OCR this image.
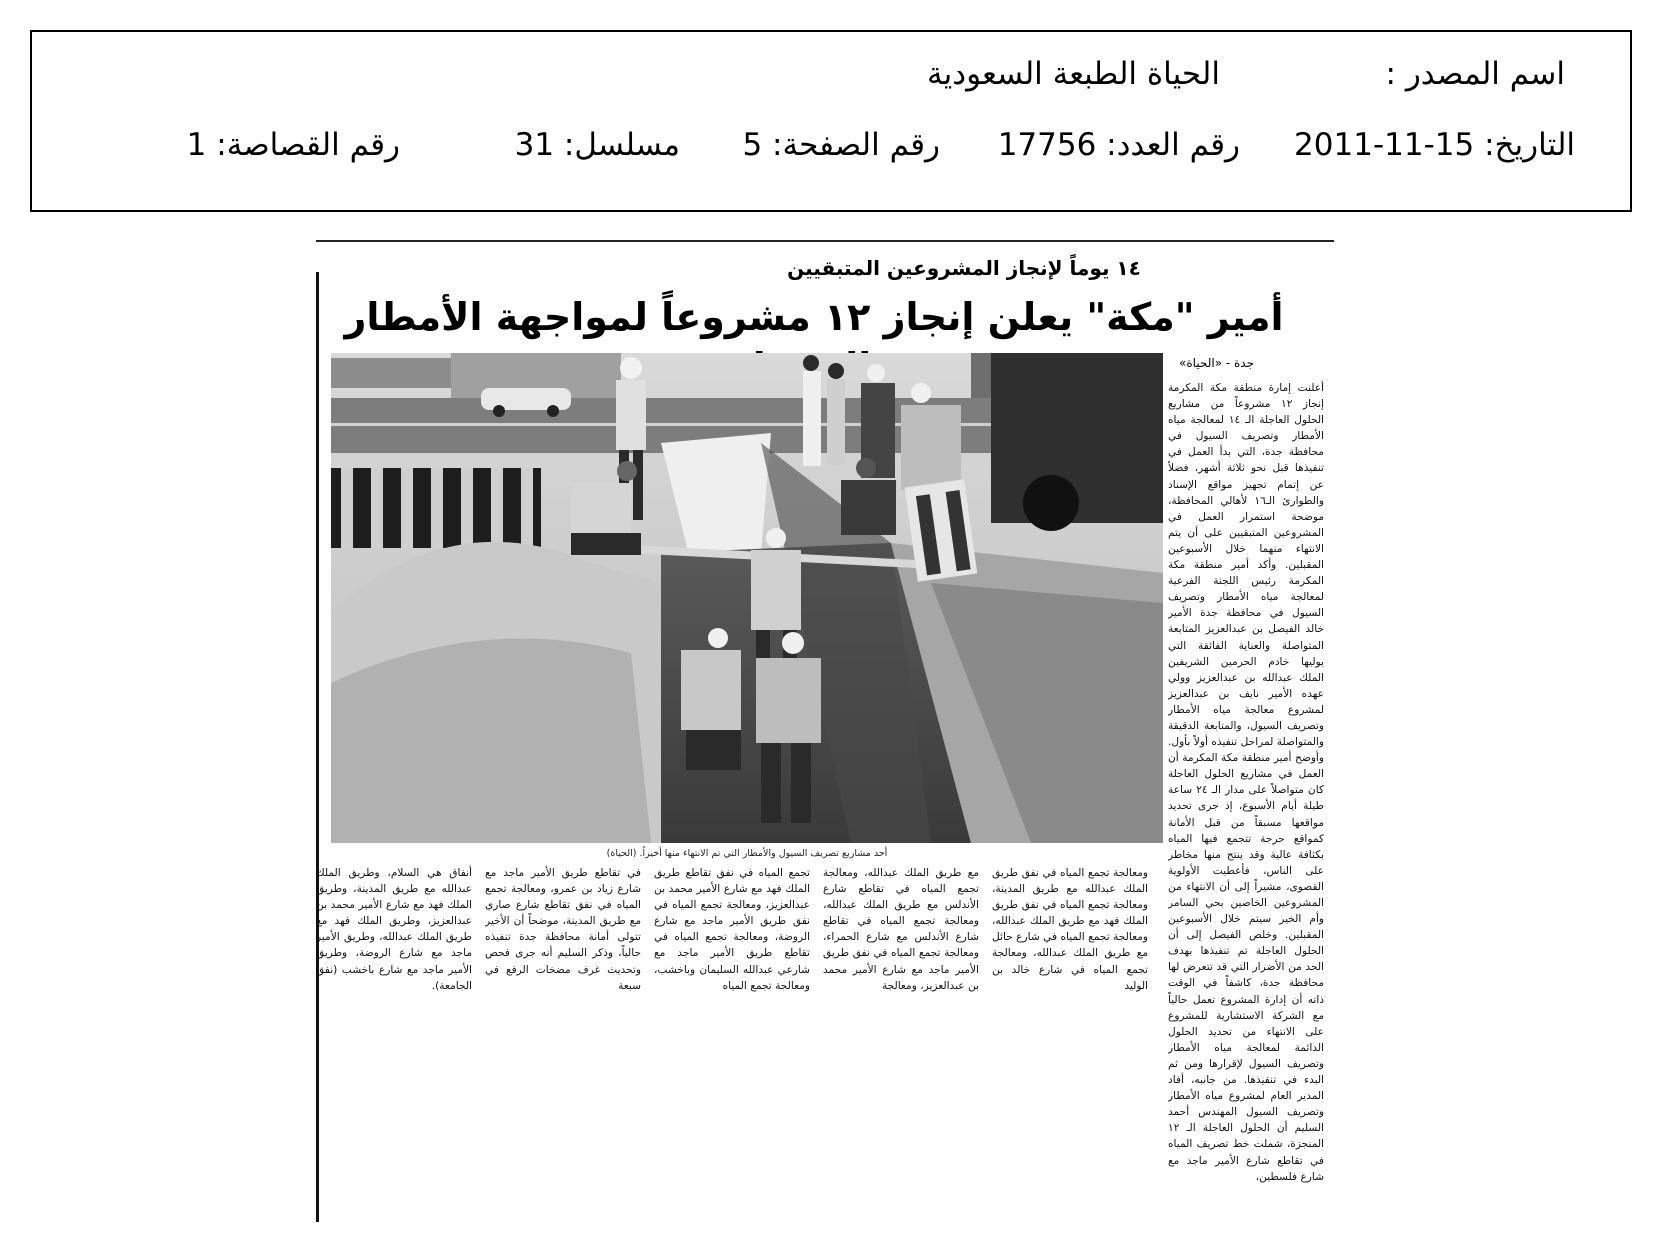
اسم المصدر :
الحياة الطبعة السعودية
التاريخ: 15-11-2011
رقم العدد: 17756
رقم الصفحة: 5
مسلسل: 31
رقم القصاصة: 1
١٤ يوماً لإنجاز المشروعين المتبقيين
أمير "مكة" يعلن إنجاز ١٢ مشروعاً لمواجهة الأمطار
جدة - «الحياة»
أحد مشاريع تصريف السيول والأمطار التي تم الانتهاء منها أخيراً. (الحياة)
أعلنت إمارة منطقة مكة المكرمة إنجاز ١٢ مشروعاً من مشاريع الحلول العاجلة الـ ١٤ لمعالجة مياه الأمطار وتصريف السيول في محافظة جدة، التي بدأ العمل في تنفيذها قبل نحو ثلاثة أشهر، فضلاً عن إتمام تجهيز مواقع الإسناد والطوارئ الـ١٦ لأهالي المحافظة، موضحة استمرار العمل في المشروعين المتبقيين على أن يتم الانتهاء منهما خلال الأسبوعين المقبلين. وأكد أمير منطقة مكة المكرمة رئيس اللجنة الفرعية لمعالجة مياه الأمطار وتصريف السيول في محافظة جدة الأمير خالد الفيصل بن عبدالعزيز المتابعة المتواصلة والعناية الفائقة التي يوليها خادم الحرمين الشريفين الملك عبدالله بن عبدالعزيز وولي عهده الأمير نايف بن عبدالعزيز لمشروع معالجة مياه الأمطار وتصريف السيول، والمتابعة الدقيقة والمتواصلة لمراحل تنفيذه أولاً بأول. وأوضح أمير منطقة مكة المكرمة أن العمل في مشاريع الحلول العاجلة كان متواصلاً على مدار الـ ٢٤ ساعة طيلة أيام الأسبوع، إذ جرى تحديد مواقعها مسبقاً من قبل الأمانة كمواقع حرجة تتجمع فيها المياه بكثافة عالية وقد ينتج منها مخاطر على الناس، فأعطيت الأولوية القصوى، مشيراً إلى أن الانتهاء من المشروعين الخاصين بحي السامر وأم الخير سيتم خلال الأسبوعين المقبلين. وخلص الفيصل إلى أن الحلول العاجلة تم تنفيذها بهدف الحد من الأضرار التي قد تتعرض لها محافظة جدة، كاشفاً في الوقت ذاته أن إدارة المشروع تعمل حالياً مع الشركة الاستشارية للمشروع على الانتهاء من تحديد الحلول الدائمة لمعالجة مياه الأمطار وتصريف السيول لإقرارها ومن ثم البدء في تنفيذها. من جانبه، أفاد المدير العام لمشروع مياه الأمطار وتصريف السيول المهندس أحمد السليم أن الحلول العاجلة الـ ١٢ المنجزة، شملت خط تصريف المياه في تقاطع شارع الأمير ماجد مع شارع فلسطين،
ومعالجة تجمع المياه في نفق طريق الملك عبدالله مع طريق المدينة، ومعالجة تجمع المياه في نفق طريق الملك فهد مع طريق الملك عبدالله، ومعالجة تجمع المياه في شارع حائل مع طريق الملك عبدالله، ومعالجة تجمع المياه في شارع خالد بن الوليد
مع طريق الملك عبدالله، ومعالجة تجمع المياه في تقاطع شارع الأندلس مع طريق الملك عبدالله، ومعالجة تجمع المياه في تقاطع شارع الأندلس مع شارع الحمراء، ومعالجة تجمع المياه في نفق طريق الأمير ماجد مع شارع الأمير محمد بن عبدالعزيز، ومعالجة
تجمع المياه في نفق تقاطع طريق الملك فهد مع شارع الأمير محمد بن عبدالعزيز، ومعالجة تجمع المياه في نفق طريق الأمير ماجد مع شارع الروضة، ومعالجة تجمع المياه في تقاطع طريق الأمير ماجد مع شارعي عبدالله السليمان وباخشب، ومعالجة تجمع المياه
في تقاطع طريق الأمير ماجد مع شارع زياد بن عمرو، ومعالجة تجمع المياه في نفق تقاطع شارع صاري مع طريق المدينة، موضحاً أن الأخير تتولى أمانة محافظة جدة تنفيذه حالياً، وذكر السليم أنه جرى فحص وتحديث غرف مضخات الرفع في سبعة
أنفاق هي السلام، وطريق الملك عبدالله مع طريق المدينة، وطريق الملك فهد مع شارع الأمير محمد بن عبدالعزيز، وطريق الملك فهد مع طريق الملك عبدالله، وطريق الأمير ماجد مع شارع الروضة، وطريق الأمير ماجد مع شارع باخشب (نفق الجامعة).
